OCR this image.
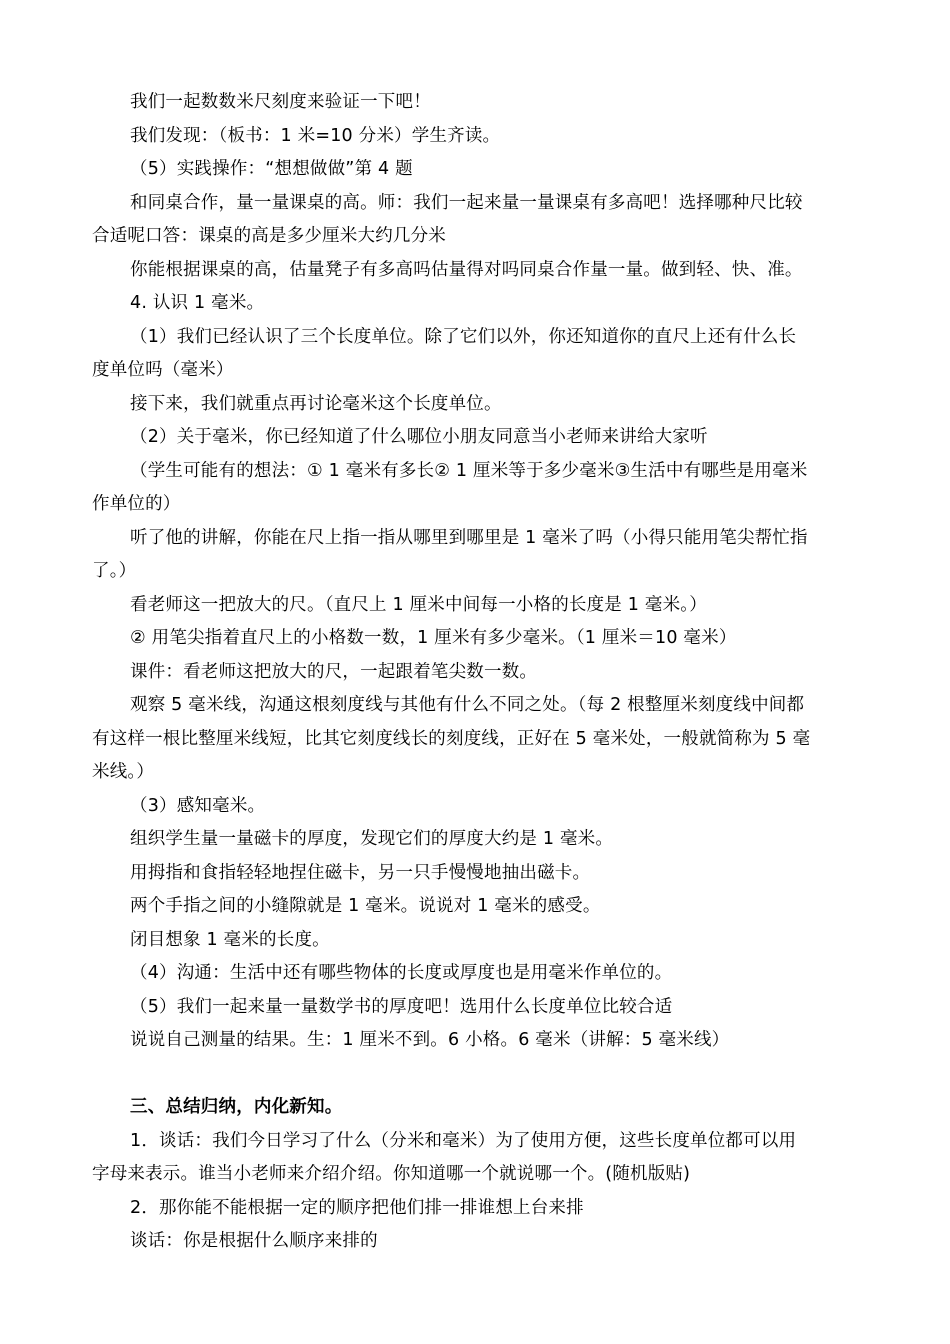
我们一起数数米尺刻度来验证一下吧！
我们发现：（板书：1 米=10 分米）学生齐读。
（5）实践操作：“想想做做”第 4 题
和同桌合作，量一量课桌的高。师：我们一起来量一量课桌有多高吧！选择哪种尺比较
合适呢口答：课桌的高是多少厘米大约几分米
你能根据课桌的高，估量凳子有多高吗估量得对吗同桌合作量一量。做到轻、快、准。
4. 认识 1 毫米。
（1）我们已经认识了三个长度单位。除了它们以外，你还知道你的直尺上还有什么长
度单位吗（毫米）
接下来，我们就重点再讨论毫米这个长度单位。
（2）关于毫米，你已经知道了什么哪位小朋友同意当小老师来讲给大家听
（学生可能有的想法：① 1 毫米有多长② 1 厘米等于多少毫米③生活中有哪些是用毫米
作单位的）
听了他的讲解，你能在尺上指一指从哪里到哪里是 1 毫米了吗（小得只能用笔尖帮忙指
了。）
看老师这一把放大的尺。（直尺上 1 厘米中间每一小格的长度是 1 毫米。）
② 用笔尖指着直尺上的小格数一数，1 厘米有多少毫米。（1 厘米＝10 毫米）
课件：看老师这把放大的尺，一起跟着笔尖数一数。
观察 5 毫米线，沟通这根刻度线与其他有什么不同之处。（每 2 根整厘米刻度线中间都
有这样一根比整厘米线短，比其它刻度线长的刻度线，正好在 5 毫米处，一般就简称为 5 毫
米线。）
（3）感知毫米。
组织学生量一量磁卡的厚度，发现它们的厚度大约是 1 毫米。
用拇指和食指轻轻地捏住磁卡，另一只手慢慢地抽出磁卡。
两个手指之间的小缝隙就是 1 毫米。说说对 1 毫米的感受。
闭目想象 1 毫米的长度。
（4）沟通：生活中还有哪些物体的长度或厚度也是用毫米作单位的。
（5）我们一起来量一量数学书的厚度吧！选用什么长度单位比较合适
说说自己测量的结果。生：1 厘米不到。6 小格。6 毫米（讲解：5 毫米线）
三、总结归纳，内化新知。
1．谈话：我们今日学习了什么（分米和毫米）为了使用方便，这些长度单位都可以用
字母来表示。谁当小老师来介绍介绍。你知道哪一个就说哪一个。(随机版贴)
2．那你能不能根据一定的顺序把他们排一排谁想上台来排
谈话：你是根据什么顺序来排的
